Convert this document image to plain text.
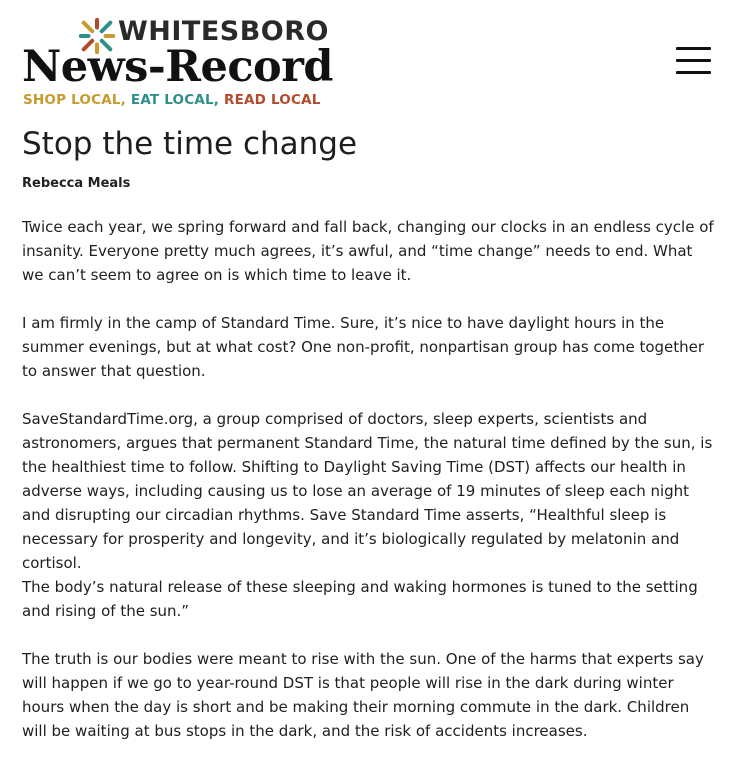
WHITESBORO
News-Record
SHOP LOCAL, EAT LOCAL, READ LOCAL
Stop the time change
Rebecca Meals

Twice each year, we spring forward and fall back, changing our clocks in an endless cycle of insanity. Everyone pretty much agrees, it’s awful, and “time change” needs to end. What we can’t seem to agree on is which time to leave it.

I am firmly in the camp of Standard Time. Sure, it’s nice to have daylight hours in the summer evenings, but at what cost? One non-profit, nonpartisan group has come together to answer that question.

SaveStandardTime.org, a group comprised of doctors, sleep experts, scientists and astronomers, argues that permanent Standard Time, the natural time defined by the sun, is the healthiest time to follow. Shifting to Daylight Saving Time (DST) affects our health in adverse ways, including causing us to lose an average of 19 minutes of sleep each night and disrupting our circadian rhythms. Save Standard Time asserts, “Healthful sleep is necessary for prosperity and longevity, and it’s biologically regulated by melatonin and cortisol.

The body’s natural release of these sleeping and waking hormones is tuned to the setting and rising of the sun.”

The truth is our bodies were meant to rise with the sun. One of the harms that experts say will happen if we go to year-round DST is that people will rise in the dark during winter hours when the day is short and be making their morning commute in the dark. Children will be waiting at bus stops in the dark, and the risk of accidents increases.
